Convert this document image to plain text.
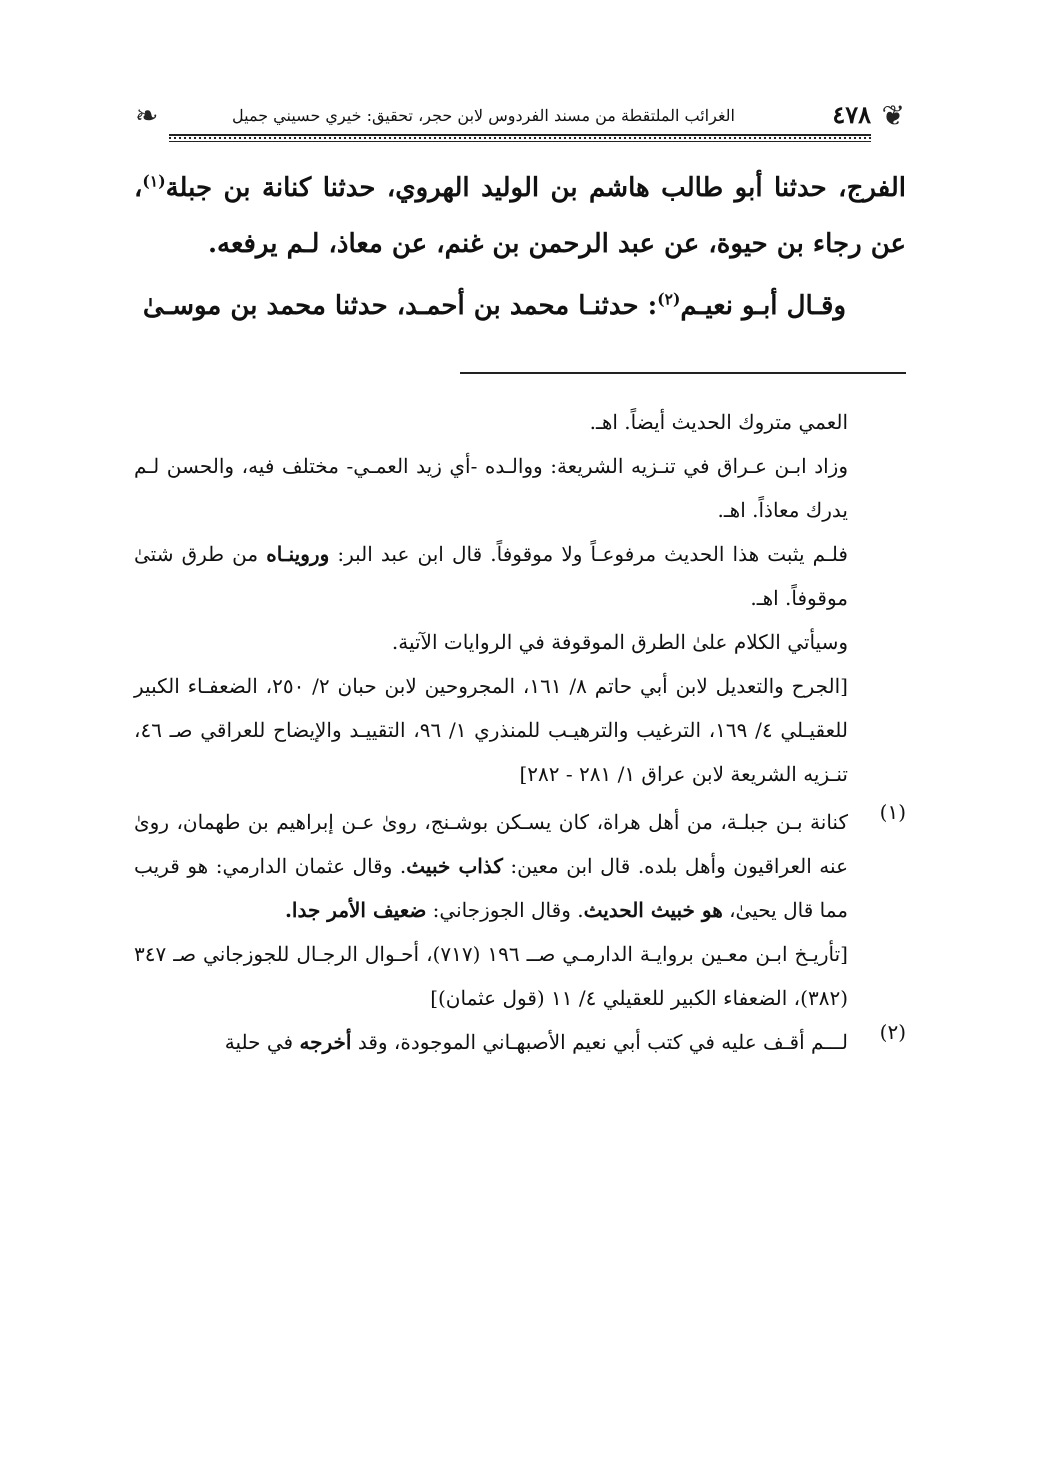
❦
٤٧٨
الغرائب الملتقطة من مسند الفردوس لابن حجر، تحقيق: خيري حسيني جميل
❧

الفرج، حدثنا أبو طالب هاشم بن الوليد الهروي، حدثنا كنانة بن جبلة$^{(١)}$، عن رجاء بن حيوة، عن عبد الرحمن بن غنم، عن معاذ، لـم يرفعه.

وقـال أبـو نعيـم$^{(٢)}$: حدثنـا محمد بن أحمـد، حدثنا محمد بن موسـىٰ

العمي متروك الحديث أيضاً. اهـ.

وزاد ابـن عـراق في تنـزيه الشريعة: ووالـده -أي زيد العمـي- مختلف فيه، والحسن لـم يدرك معاذاً. اهـ.

فلـم يثبت هذا الحديث مرفوعـاً ولا موقوفاً. قال ابن عبد البر: وروينـاه من طرق شتىٰ موقوفاً. اهـ.

وسيأتي الكلام علىٰ الطرق الموقوفة في الروايات الآتية.

[الجرح والتعديل لابن أبي حاتم ٨/ ١٦١، المجروحين لابن حبان ٢/ ٢٥٠، الضعفـاء الكبير للعقيـلي ٤/ ١٦٩، الترغيب والترهيـب للمنذري ١/ ٩٦، التقييـد والإيضاح للعراقي صـ ٤٦، تنـزيه الشريعة لابن عراق ١/ ٢٨١ - ٢٨٢]

(١)

كنانة بـن جبلـة، من أهل هراة، كان يسـكن بوشـنج، روىٰ عـن إبراهيم بن طهمان، روىٰ عنه العراقيون وأهل بلده. قال ابن معين: كذاب خبيث. وقال عثمان الدارمي: هو قريب مما قال يحيىٰ، هو خبيث الحديث. وقال الجوزجاني: ضعيف الأمر جدا.

[تأريـخ ابـن معـين بروايـة الدارمـي صــ ١٩٦ (٧١٧)، أحـوال الرجـال للجوزجاني صـ ٣٤٧ (٣٨٢)، الضعفاء الكبير للعقيلي ٤/ ١١ (قول عثمان)]

(٢)

لـــم أقـف عليه في كتب أبي نعيم الأصبهـاني الموجودة، وقد أخرجه في حلية
